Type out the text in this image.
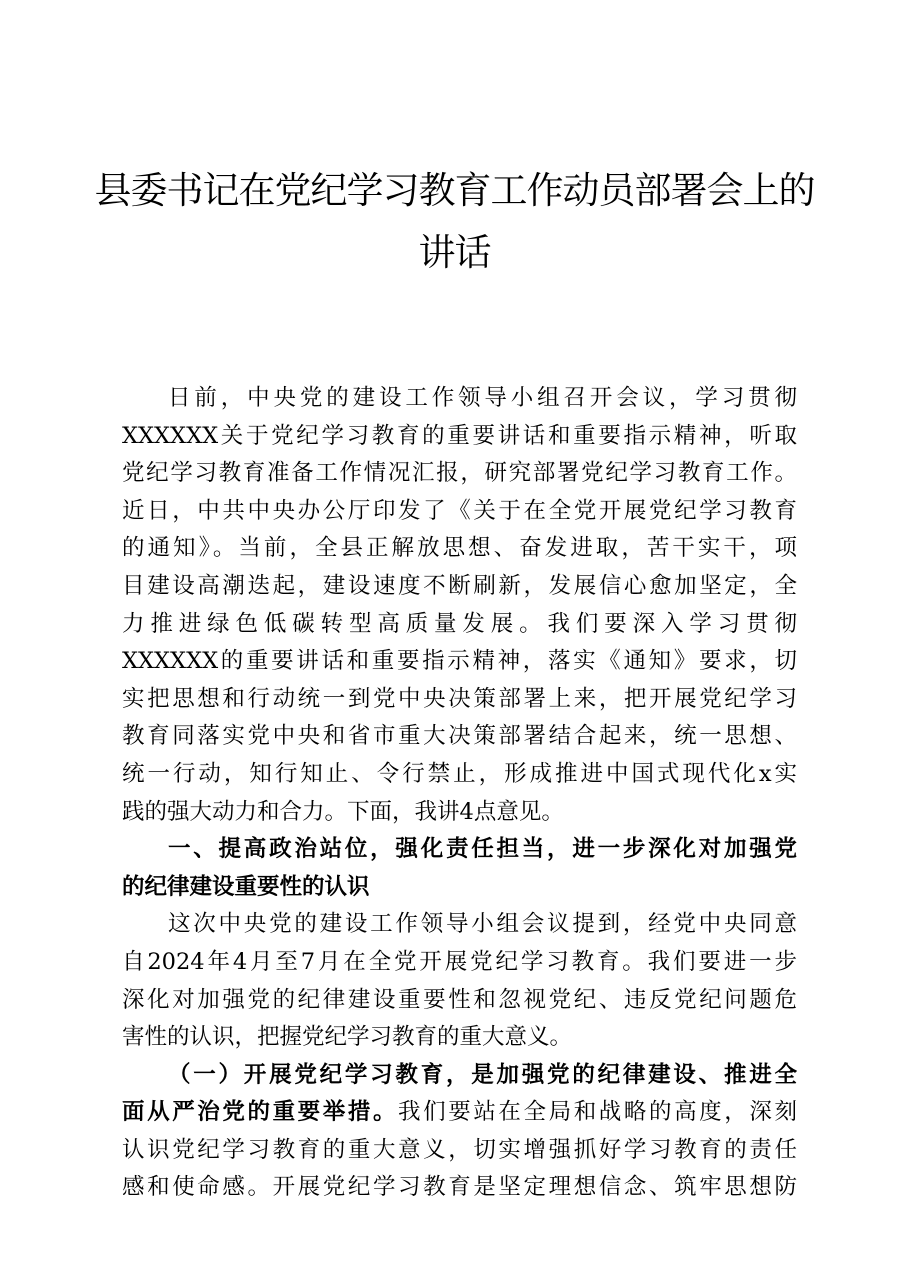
县委书记在党纪学习教育工作动员部署会上的
讲话
日前，中央党的建设工作领导小组召开会议，学习贯彻
XXXXXX关于党纪学习教育的重要讲话和重要指示精神，听取
党纪学习教育准备工作情况汇报，研究部署党纪学习教育工作。
近日，中共中央办公厅印发了《关于在全党开展党纪学习教育
的通知》。当前，全县正解放思想、奋发进取，苦干实干，项
目建设高潮迭起，建设速度不断刷新，发展信心愈加坚定，全
力推进绿色低碳转型高质量发展。我们要深入学习贯彻
XXXXXX的重要讲话和重要指示精神，落实《通知》要求，切
实把思想和行动统一到党中央决策部署上来，把开展党纪学习
教育同落实党中央和省市重大决策部署结合起来，统一思想、
统一行动，知行知止、令行禁止，形成推进中国式现代化x实
践的强大动力和合力。下面，我讲4点意见。
一、提高政治站位，强化责任担当，进一步深化对加强党
的纪律建设重要性的认识
这次中央党的建设工作领导小组会议提到，经党中央同意
自2024年4月至7月在全党开展党纪学习教育。我们要进一步
深化对加强党的纪律建设重要性和忽视党纪、违反党纪问题危
害性的认识，把握党纪学习教育的重大意义。
（一）开展党纪学习教育，是加强党的纪律建设、推进全
面从严治党的重要举措。我们要站在全局和战略的高度，深刻
认识党纪学习教育的重大意义，切实增强抓好学习教育的责任
感和使命感。开展党纪学习教育是坚定理想信念、筑牢思想防
